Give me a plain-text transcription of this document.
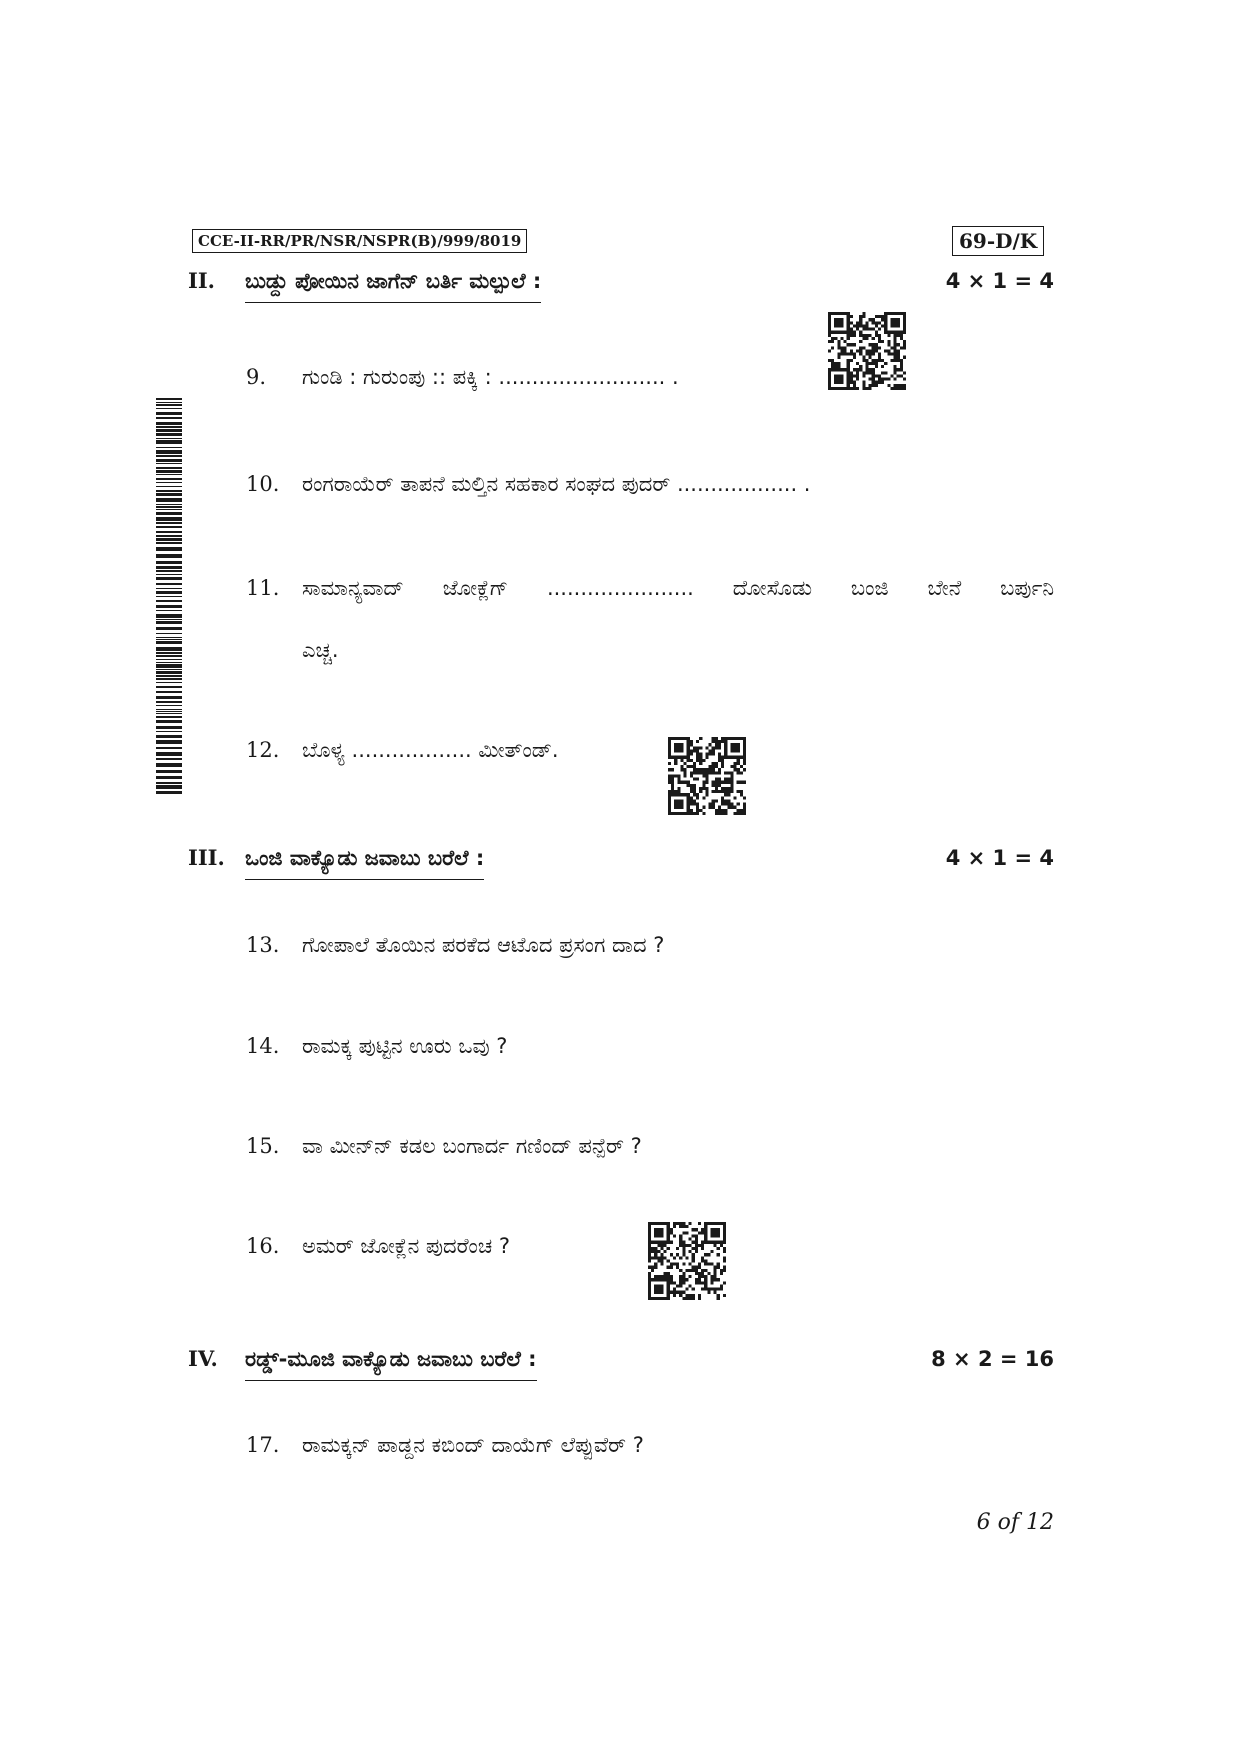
CCE-II-RR/PR/NSR/NSPR(B)/999/8019	69-D/K
II. ಬುಡ್ದು ಪೋಯಿನ ಜಾಗೆನ್ ಬರ್ತಿ ಮಲ್ಪುಲೆ :	4 × 1 = 4
9. ಗುಂಡಿ : ಗುರುಂಪು :: ಪಕ್ಕಿ : ......................... .
10. ರಂಗರಾಯೆರ್ ತಾಪನೆ ಮಲ್ತಿನ ಸಹಕಾರ ಸಂಘದ ಪುದರ್ .................. .
11. ಸಾಮಾನ್ಯವಾದ್ ಜೋಕ್ಲೆಗ್ ...................... ದೋಸೊಡು ಬಂಜಿ ಬೇನೆ ಬರ್ಪುನಿ
ಎಚ್ಚ.
12. ಬೊಳ್ಯ .................. ಮೀತ್ಂಡ್.
III. ಒಂಜಿ ವಾಕ್ಯೊಡು ಜವಾಬು ಬರೆಲೆ :	4 × 1 = 4
13. ಗೋಪಾಲೆ ತೊಯಿನ ಪರಕೆದ ಆಟೊದ ಪ್ರಸಂಗ ದಾದ ?
14. ರಾಮಕ್ಕ ಪುಟ್ಟಿನ ಊರು ಒವು ?
15. ವಾ ಮೀನ್‌ನ್ ಕಡಲ ಬಂಗಾರ್ದ ಗಣಿಂದ್ ಪನ್ಪೆರ್ ?
16. ಅಮರ್ ಜೋಕ್ಲೆನ ಪುದರೆಂಚ ?
IV. ರಡ್ಡ್-ಮೂಜಿ ವಾಕ್ಯೊಡು ಜವಾಬು ಬರೆಲೆ :	8 × 2 = 16
17. ರಾಮಕ್ಕನ್ ಪಾಡ್ದನ ಕಬಿಂದ್ ದಾಯೆಗ್ ಲೆಪ್ಪುವೆರ್ ?
6 of 12
